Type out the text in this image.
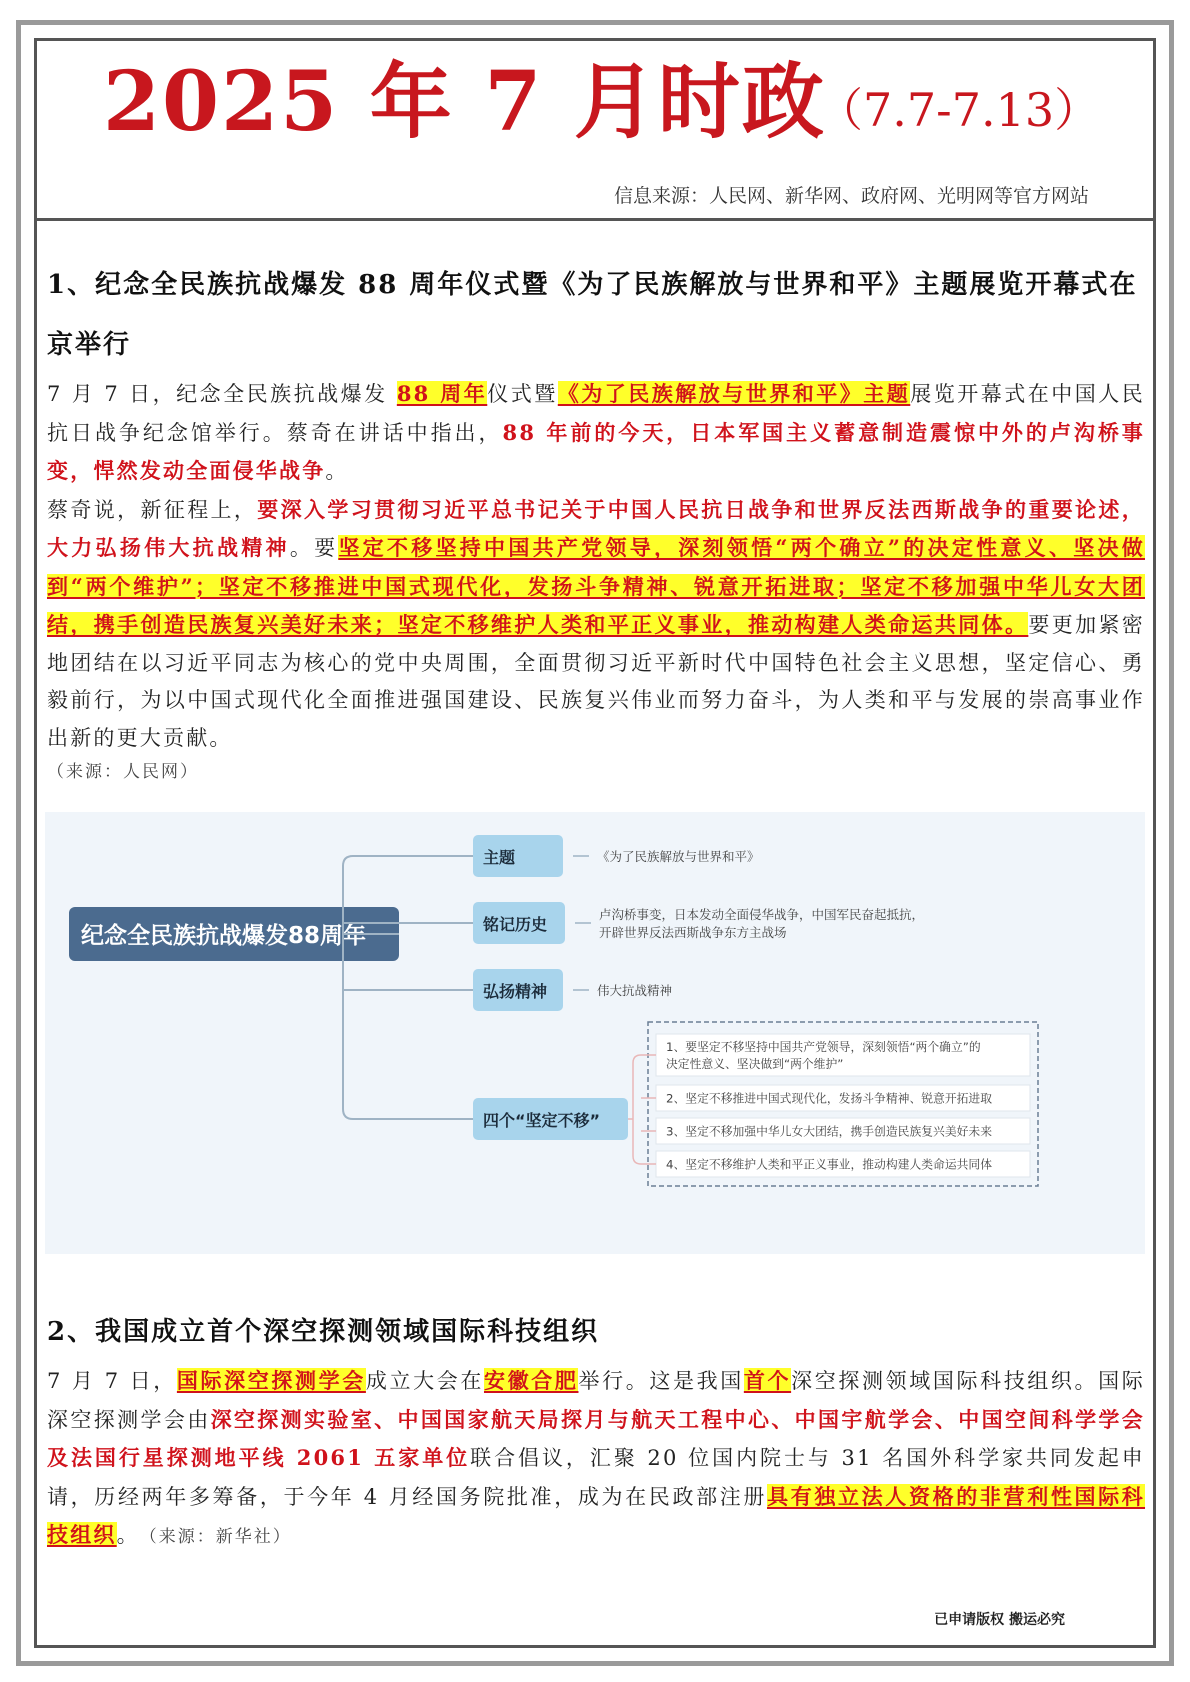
2025 年 7 月时政
（7.7-7.13）
信息来源：人民网、新华网、政府网、光明网等官方网站
1、纪念全民族抗战爆发 88 周年仪式暨《为了民族解放与世界和平》主题展览开幕式在京举行

7 月 7 日，纪念全民族抗战爆发 88 周年仪式暨《为了民族解放与世界和平》主题展览开幕式在中国人民抗日战争纪念馆举行。蔡奇在讲话中指出，88 年前的今天，日本军国主义蓄意制造震惊中外的卢沟桥事变，悍然发动全面侵华战争。

蔡奇说，新征程上，要深入学习贯彻习近平总书记关于中国人民抗日战争和世界反法西斯战争的重要论述，大力弘扬伟大抗战精神。要坚定不移坚持中国共产党领导，深刻领悟“两个确立”的决定性意义、坚决做到“两个维护”；坚定不移推进中国式现代化，发扬斗争精神、锐意开拓进取；坚定不移加强中华儿女大团结，携手创造民族复兴美好未来；坚定不移维护人类和平正义事业，推动构建人类命运共同体。要更加紧密地团结在以习近平同志为核心的党中央周围，全面贯彻习近平新时代中国特色社会主义思想，坚定信心、勇毅前行，为以中国式现代化全面推进强国建设、民族复兴伟业而努力奋斗，为人类和平与发展的崇高事业作出新的更大贡献。

（来源：人民网）
纪念全民族抗战爆发88周年
主题	《为了民族解放与世界和平》
铭记历史
卢沟桥事变，日本发动全面侵华战争，中国军民奋起抵抗，
开辟世界反法西斯战争东方主战场
弘扬精神	伟大抗战精神
四个“坚定不移”
1、要坚定不移坚持中国共产党领导，深刻领悟“两个确立”的
决定性意义、坚决做到“两个维护”
2、坚定不移推进中国式现代化，发扬斗争精神、锐意开拓进取
3、坚定不移加强中华儿女大团结，携手创造民族复兴美好未来
4、坚定不移维护人类和平正义事业，推动构建人类命运共同体
2、我国成立首个深空探测领域国际科技组织

7 月 7 日，国际深空探测学会成立大会在安徽合肥举行。这是我国首个深空探测领域国际科技组织。国际深空探测学会由深空探测实验室、中国国家航天局探月与航天工程中心、中国宇航学会、中国空间科学学会及法国行星探测地平线 2061 五家单位联合倡议，汇聚 20 位国内院士与 31 名国外科学家共同发起申请，历经两年多筹备，于今年 4 月经国务院批准，成为在民政部注册具有独立法人资格的非营利性国际科技组织。　（来源：新华社）

已申请版权 搬运必究
